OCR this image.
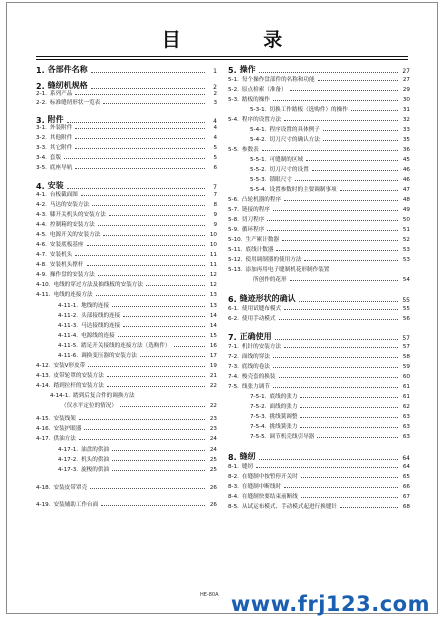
目 录
1. 各部件名称	1
2. 缝纫机规格	2
2-1. 系列产品	2
2-2. 标准缝纫形状一览表	3
3. 附件	4
3-1. 外装附件	4
3-2. 其他附件	4
3-3. 其它附件	5
3-4. 套版	5
3-5. 底座导轨	6
4. 安装	7
4-1. 台板截面图	7
4-2. 马达的安装方法	8
4-3. 膝开关机头的安装方法	9
4-4. 控制箱的安装方法	9
4-5. 电源开关的安装方法	10
4-6. 安装底板基座	10
4-7. 安装机头	11
4-8. 安装机头撑杆	11
4-9. 操作盘的安装方法	12
4-10. 电线的穿过方法及抽线板的安装方法	12
4-11. 电线的连接方法	13
4-11-1. 地线的连接	13
4-11-2. 头部接线的连接	14
4-11-3. 马达接线的连接	14
4-11-4. 电源线的连接	15
4-11-5. 踏足开关接线的连接方法（选购件）	16
4-11-6. 调换变压器的安装方法	17
4-12. 安装V形皮带	19
4-13. 皮带轮罩的安装方法	21
4-14. 踏到拉杆的安装方法	22
4-14-1. 踏到后复合件的调换方法
（仅水平定位的情况）	22
4-15. 安装线架	23
4-16. 安装护眼器	23
4-17. 供油方法	24
4-17-1. 油盘的供油	24
4-17-2. 机头的供油	25
4-17-3. 旋梭的供油	25
4-18. 安装皮带罩壳	26
4-19. 安装辅助工作台面	26
5. 操作	27
5-1. 每个操作盘部件的名称和功能	27
5-2. 原点检索（准备）	29
5-3. 踏板的操作	30
5-3-1. 切换工作踏板（选购件）的操作	31
5-4. 程序的设置方法	32
5-4-1. 程序设置的具体例子	33
5-4-2. 切刀尺寸的确认方法	35
5-5. 参数表	36
5-5-1. 可缝制的区域	45
5-5-2. 切刀尺寸的设置	46
5-5-3. 锁眼尺寸	46
5-5-4. 设置参数时的主要调制事项	47
5-6. 凸轮机器的程序	48
5-7. 链接的程序	49
5-8. 切刀程序	50
5-9. 循环程序	51
5-10. 生产累计数器	52
5-11. 底线计数器	53
5-12. 使用调制器的使用方法	53
5-13. 添加再用电子缝制机花形制作装置
所创作的花形	54
6. 缝迹形状的确认	55
6-1. 使用试缝布模式	55
6-2. 使用手动模式	56
7. 正确使用	57
7-1. 机针的安装方法	57
7-2. 面线的穿法	58
7-3. 底线的卷法	59
7-4. 梭壳套的换装	60
7-5. 线张力调节	61
7-5-1. 底线的张力	61
7-5-2. 面线的张力	62
7-5-3. 挑线簧调整	63
7-5-4. 挑线簧张力	63
7-5-5. 调节机壳线引导器	63
8. 缝纫	64
8-1. 缝纫	64
8-2. 在缝制中按暂停开关时	65
8-3. 在缝制中断线时	66
8-4. 在缝制快要结束前断线	67
8-5. 从试运布模式、手动模式起进行换缝针	68
HE-80A www.frj123.com
